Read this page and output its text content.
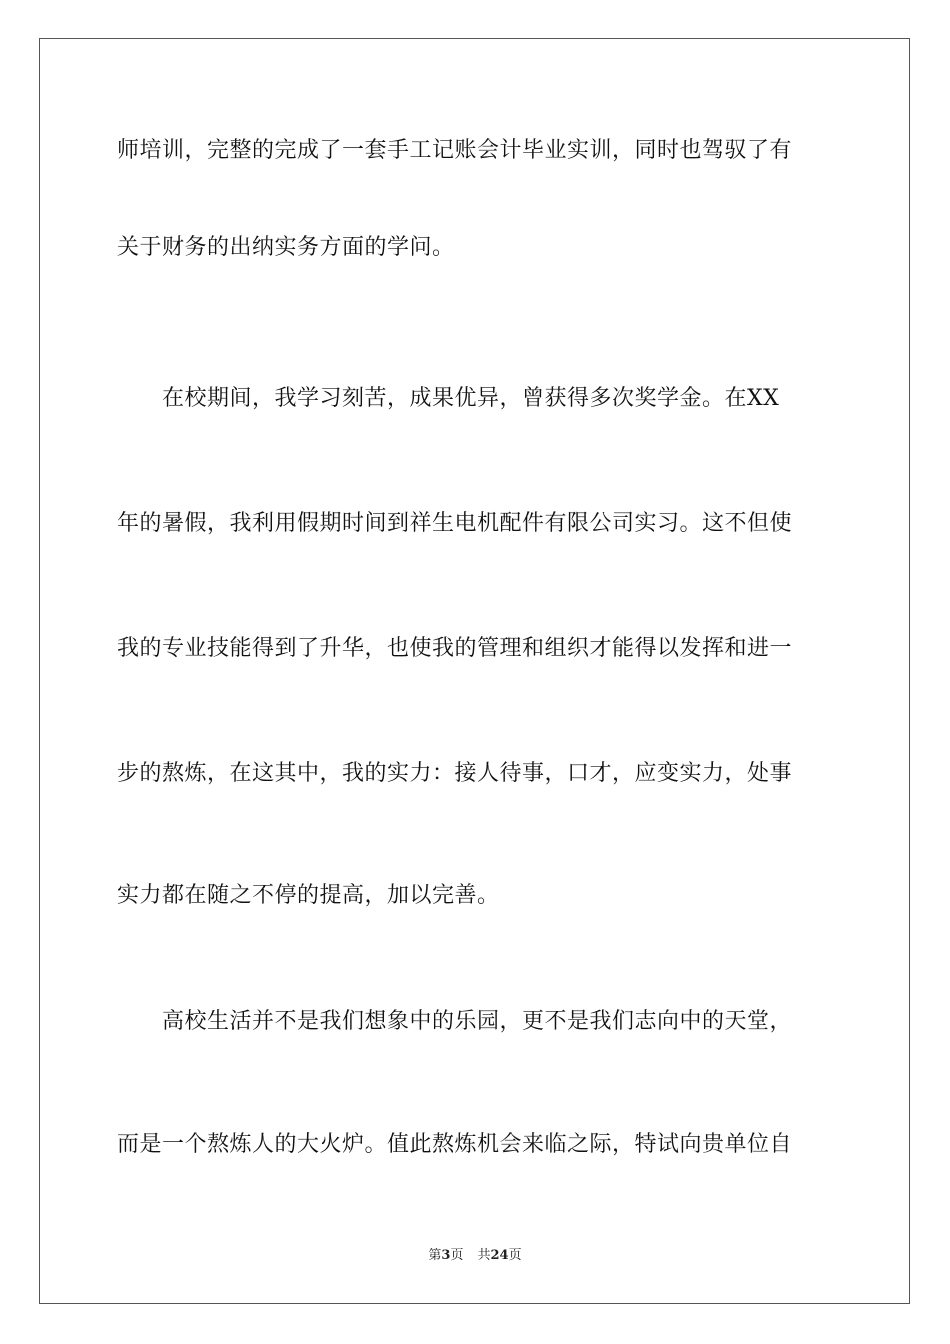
师培训，完整的完成了一套手工记账会计毕业实训，同时也驾驭了有
关于财务的出纳实务方面的学问。
　　在校期间，我学习刻苦，成果优异，曾获得多次奖学金。在XX
年的暑假，我利用假期时间到祥生电机配件有限公司实习。这不但使
我的专业技能得到了升华，也使我的管理和组织才能得以发挥和进一
步的熬炼，在这其中，我的实力：接人待事，口才，应变实力，处事
实力都在随之不停的提高，加以完善。
　　高校生活并不是我们想象中的乐园，更不是我们志向中的天堂，
而是一个熬炼人的大火炉。值此熬炼机会来临之际，特试向贵单位自
第3页 共24页
